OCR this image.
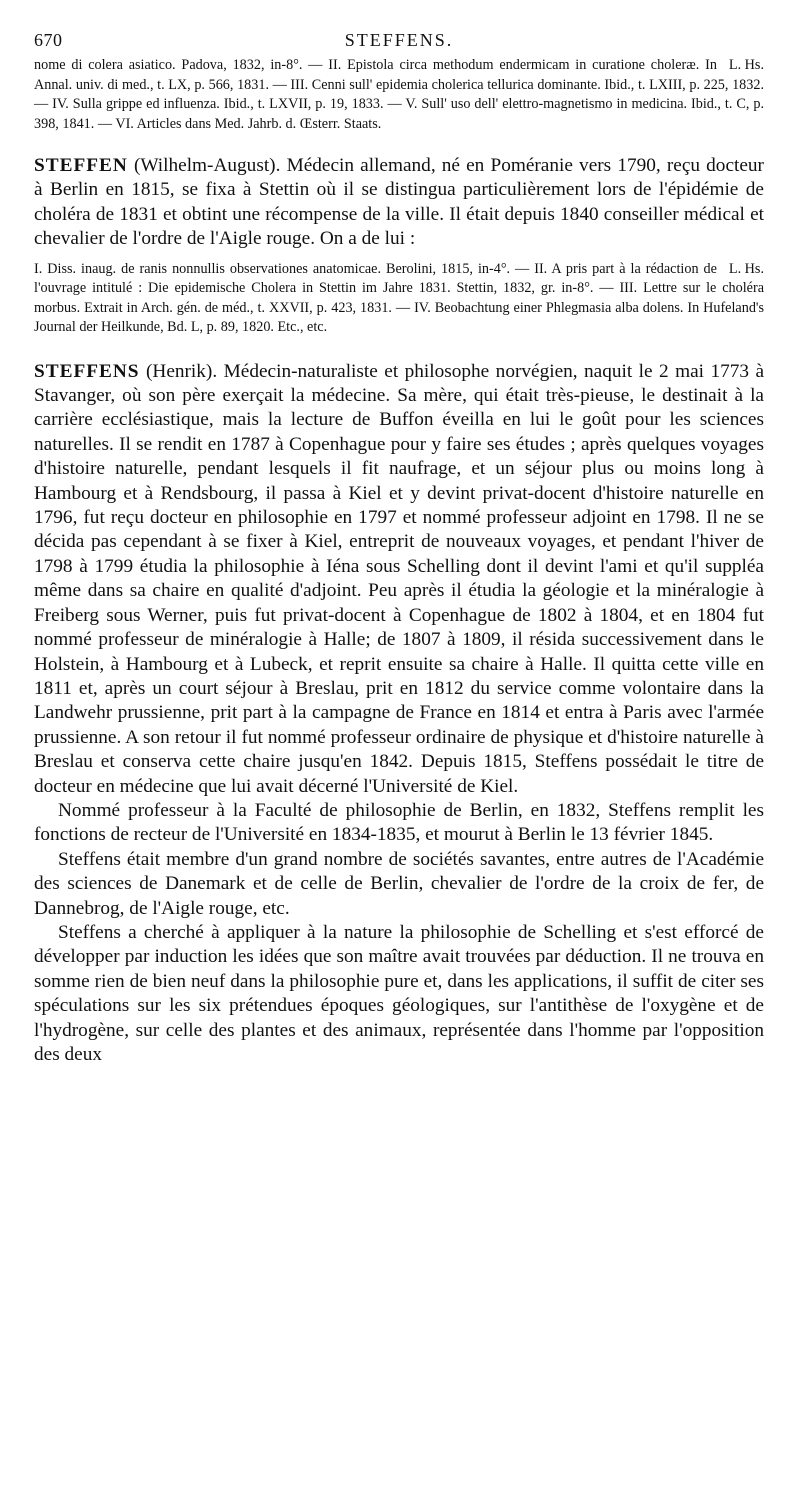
670	STEFFENS.

L. Hs.
nome di colera asiatico. Padova, 1832, in-8°. — II. Epistola circa methodum endermicam in curatione choleræ. In Annal. univ. di med., t. LX, p. 566, 1831. — III. Cenni sull' epidemia cholerica tellurica dominante. Ibid., t. LXIII, p. 225, 1832. — IV. Sulla grippe ed influenza. Ibid., t. LXVII, p. 19, 1833. — V. Sull' uso dell' elettro-magnetismo in medicina. Ibid., t. C, p. 398, 1841. — VI. Articles dans Med. Jahrb. d. Œsterr. Staats.

STEFFEN (Wilhelm-August). Médecin allemand, né en Poméranie vers 1790, reçu docteur à Berlin en 1815, se fixa à Stettin où il se distingua particulièrement lors de l'épidémie de choléra de 1831 et obtint une récompense de la ville. Il était depuis 1840 conseiller médical et chevalier de l'ordre de l'Aigle rouge. On a de lui :

L. Hs.
I. Diss. inaug. de ranis nonnullis observationes anatomicae. Berolini, 1815, in-4°. — II. A pris part à la rédaction de l'ouvrage intitulé : Die epidemische Cholera in Stettin im Jahre 1831. Stettin, 1832, gr. in-8°. — III. Lettre sur le choléra morbus. Extrait in Arch. gén. de méd., t. XXVII, p. 423, 1831. — IV. Beobachtung einer Phlegmasia alba dolens. In Hufeland's Journal der Heilkunde, Bd. L, p. 89, 1820. Etc., etc.

STEFFENS (Henrik). Médecin-naturaliste et philosophe norvégien, naquit le 2 mai 1773 à Stavanger, où son père exerçait la médecine. Sa mère, qui était très-pieuse, le destinait à la carrière ecclésiastique, mais la lecture de Buffon éveilla en lui le goût pour les sciences naturelles. Il se rendit en 1787 à Copenhague pour y faire ses études ; après quelques voyages d'histoire naturelle, pendant lesquels il fit naufrage, et un séjour plus ou moins long à Hambourg et à Rendsbourg, il passa à Kiel et y devint privat-docent d'histoire naturelle en 1796, fut reçu docteur en philosophie en 1797 et nommé professeur adjoint en 1798. Il ne se décida pas cependant à se fixer à Kiel, entreprit de nouveaux voyages, et pendant l'hiver de 1798 à 1799 étudia la philosophie à Iéna sous Schelling dont il devint l'ami et qu'il suppléa même dans sa chaire en qualité d'adjoint. Peu après il étudia la géologie et la minéralogie à Freiberg sous Werner, puis fut privat-docent à Copenhague de 1802 à 1804, et en 1804 fut nommé professeur de minéralogie à Halle; de 1807 à 1809, il résida successivement dans le Holstein, à Hambourg et à Lubeck, et reprit ensuite sa chaire à Halle. Il quitta cette ville en 1811 et, après un court séjour à Breslau, prit en 1812 du service comme volontaire dans la Landwehr prussienne, prit part à la campagne de France en 1814 et entra à Paris avec l'armée prussienne. A son retour il fut nommé professeur ordinaire de physique et d'histoire naturelle à Breslau et conserva cette chaire jusqu'en 1842. Depuis 1815, Steffens possédait le titre de docteur en médecine que lui avait décerné l'Université de Kiel.

Nommé professeur à la Faculté de philosophie de Berlin, en 1832, Steffens remplit les fonctions de recteur de l'Université en 1834-1835, et mourut à Berlin le 13 février 1845.

Steffens était membre d'un grand nombre de sociétés savantes, entre autres de l'Académie des sciences de Danemark et de celle de Berlin, chevalier de l'ordre de la croix de fer, de Dannebrog, de l'Aigle rouge, etc.

Steffens a cherché à appliquer à la nature la philosophie de Schelling et s'est efforcé de développer par induction les idées que son maître avait trouvées par déduction. Il ne trouva en somme rien de bien neuf dans la philosophie pure et, dans les applications, il suffit de citer ses spéculations sur les six prétendues époques géologiques, sur l'antithèse de l'oxygène et de l'hydrogène, sur celle des plantes et des animaux, représentée dans l'homme par l'opposition des deux
